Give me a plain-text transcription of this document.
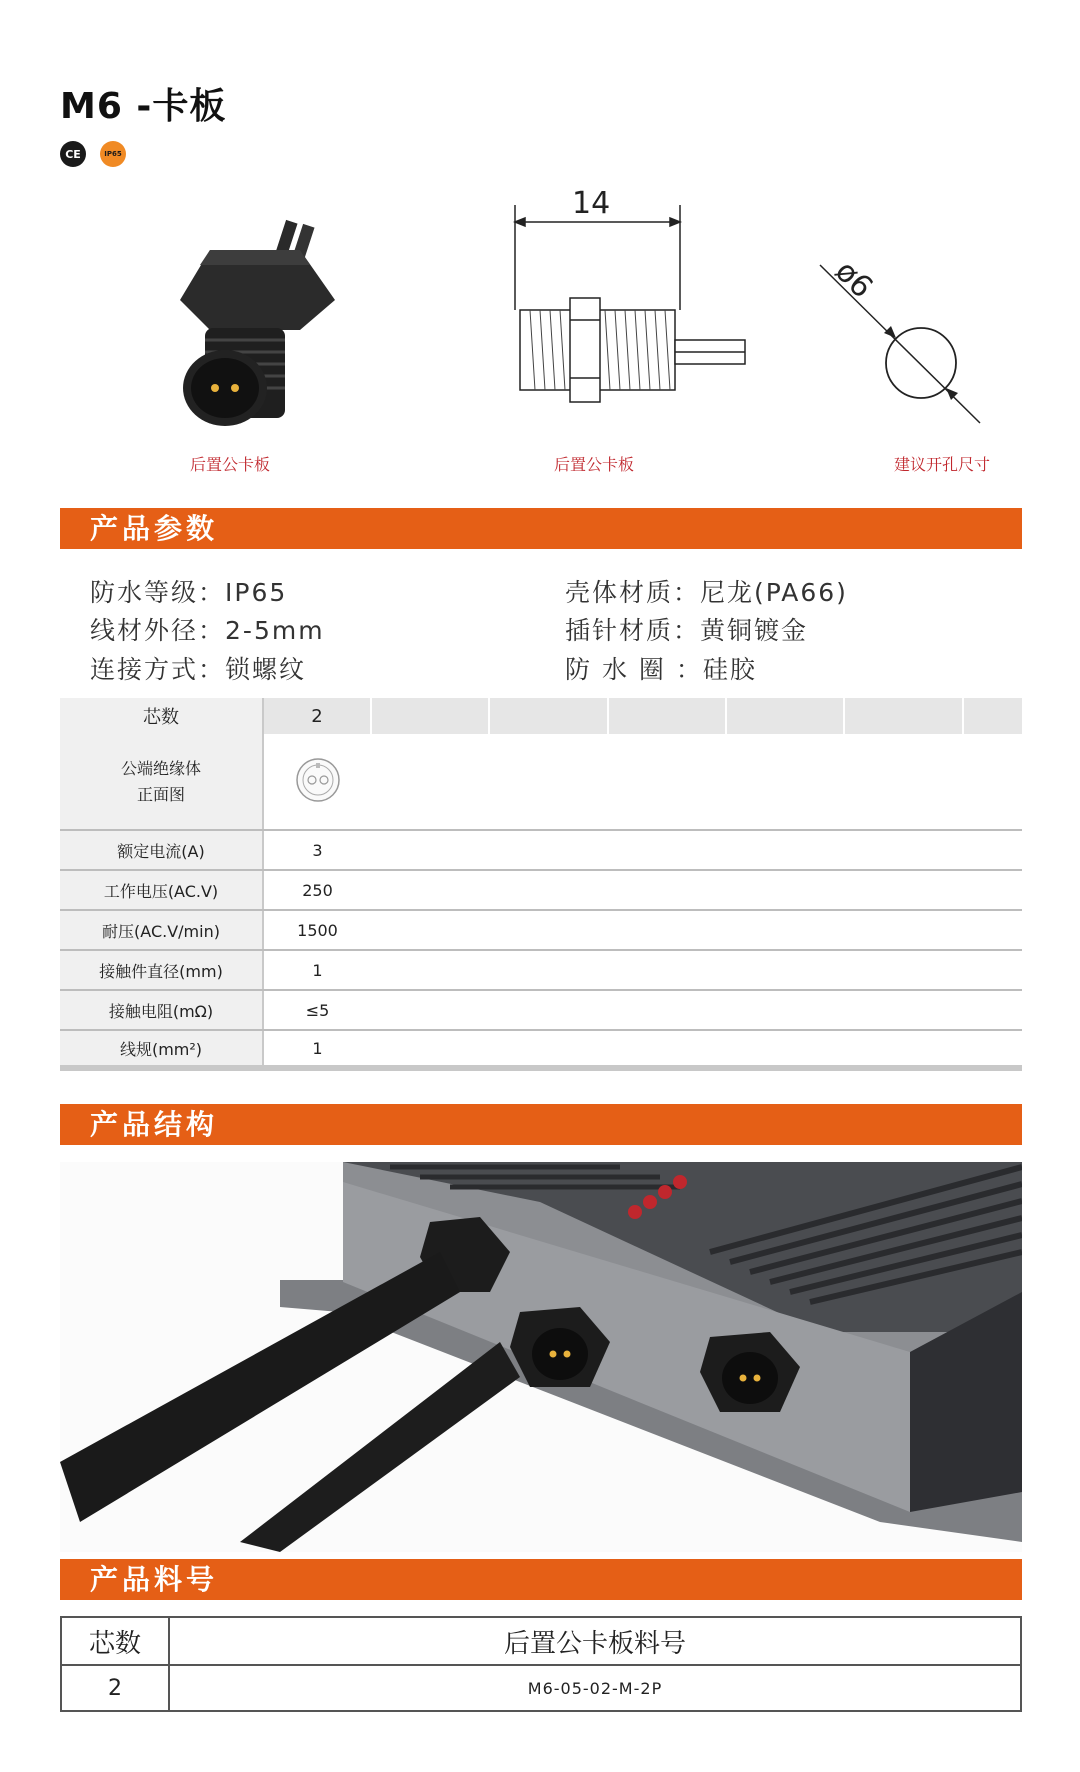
M6 -卡板
CE	IP65
后置公卡板
14
后置公卡板
ø6
建议开孔尺寸
产品参数
防水等级：IP65	壳体材质：尼龙(PA66)
线材外径：2-5mm	插针材质：黄铜镀金
连接方式：锁螺纹	防 水 圈 ：硅胶
芯数	2						

公端绝缘体
正面图

额定电流(A)	3						
工作电压(AC.V)	250						
耐压(AC.V/min)	1500						
接触件直径(mm)	1						
接触电阻(mΩ)	≤5						
线规(mm²)	1						
产品结构
产品料号
芯数	后置公卡板料号
2	M6-05-02-M-2P
